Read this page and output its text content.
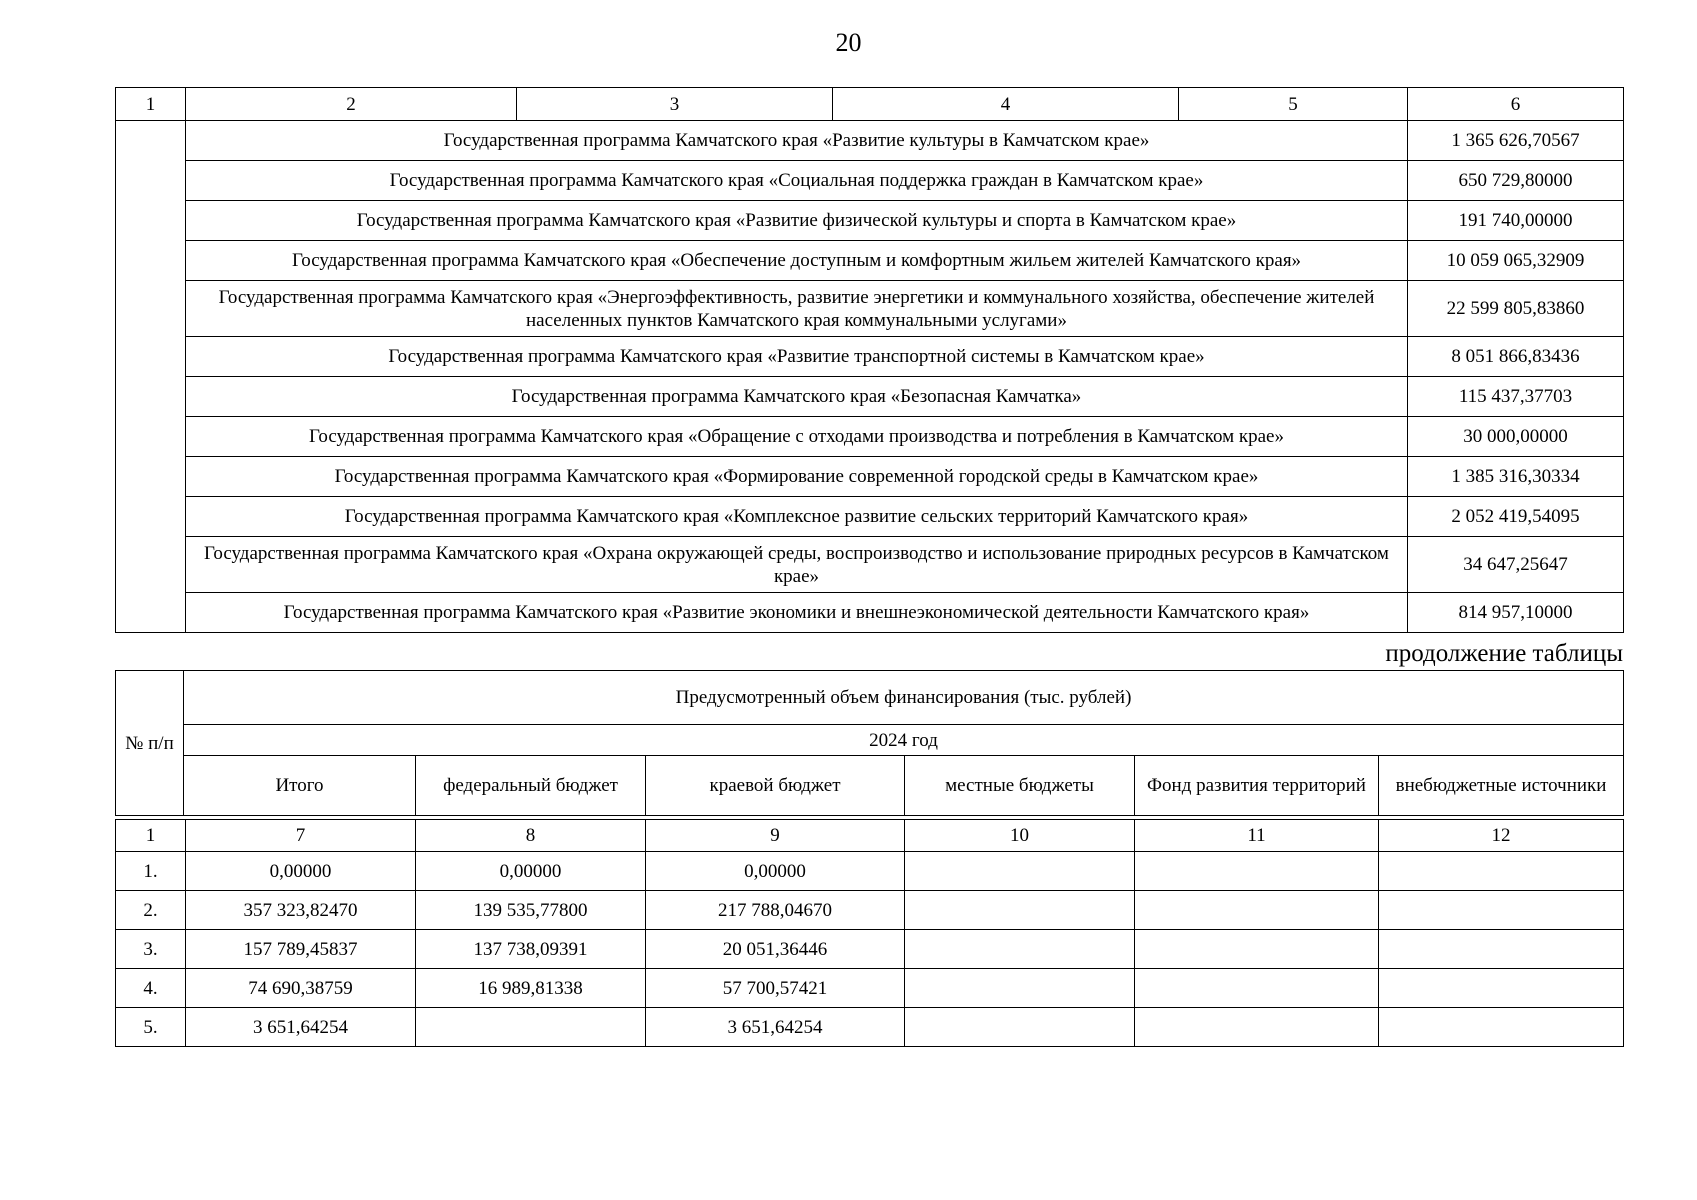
20
1	2	3	4	5	6
	Государственная программа Камчатского края «Развитие культуры в Камчатском крае»				1 365 626,70567
	Государственная программа Камчатского края «Социальная поддержка граждан в Камчатском крае»				650 729,80000
	Государственная программа Камчатского края «Развитие физической культуры и спорта в Камчатском крае»				191 740,00000
	Государственная программа Камчатского края «Обеспечение доступным и комфортным жильем жителей Камчатского края»				10 059 065,32909
	Государственная программа Камчатского края «Энергоэффективность, развитие энергетики и коммунального хозяйства, обеспечение жителей населенных пунктов Камчатского края коммунальными услугами»				22 599 805,83860
	Государственная программа Камчатского края «Развитие транспортной системы в Камчатском крае»				8 051 866,83436
	Государственная программа Камчатского края «Безопасная Камчатка»				115 437,37703
	Государственная программа Камчатского края «Обращение с отходами производства и потребления в Камчатском крае»				30 000,00000
	Государственная программа Камчатского края «Формирование современной городской среды в Камчатском крае»				1 385 316,30334
	Государственная программа Камчатского края «Комплексное развитие сельских территорий Камчатского края»				2 052 419,54095
	Государственная программа Камчатского края «Охрана окружающей среды, воспроизводство и использование природных ресурсов в Камчатском крае»				34 647,25647
	Государственная программа Камчатского края «Развитие экономики и внешнеэкономической деятельности Камчатского края»				814 957,10000
продолжение таблицы
№ п/п	Предусмотренный объем финансирования (тыс. рублей)					
	2024 год					
	Итого	федеральный бюджет	краевой бюджет	местные бюджеты	Фонд развития территорий	внебюджетные источники
1	7	8	9	10	11	12
1.	0,00000	0,00000	0,00000			
2.	357 323,82470	139 535,77800	217 788,04670			
3.	157 789,45837	137 738,09391	20 051,36446			
4.	74 690,38759	16 989,81338	57 700,57421			
5.	3 651,64254		3 651,64254			
